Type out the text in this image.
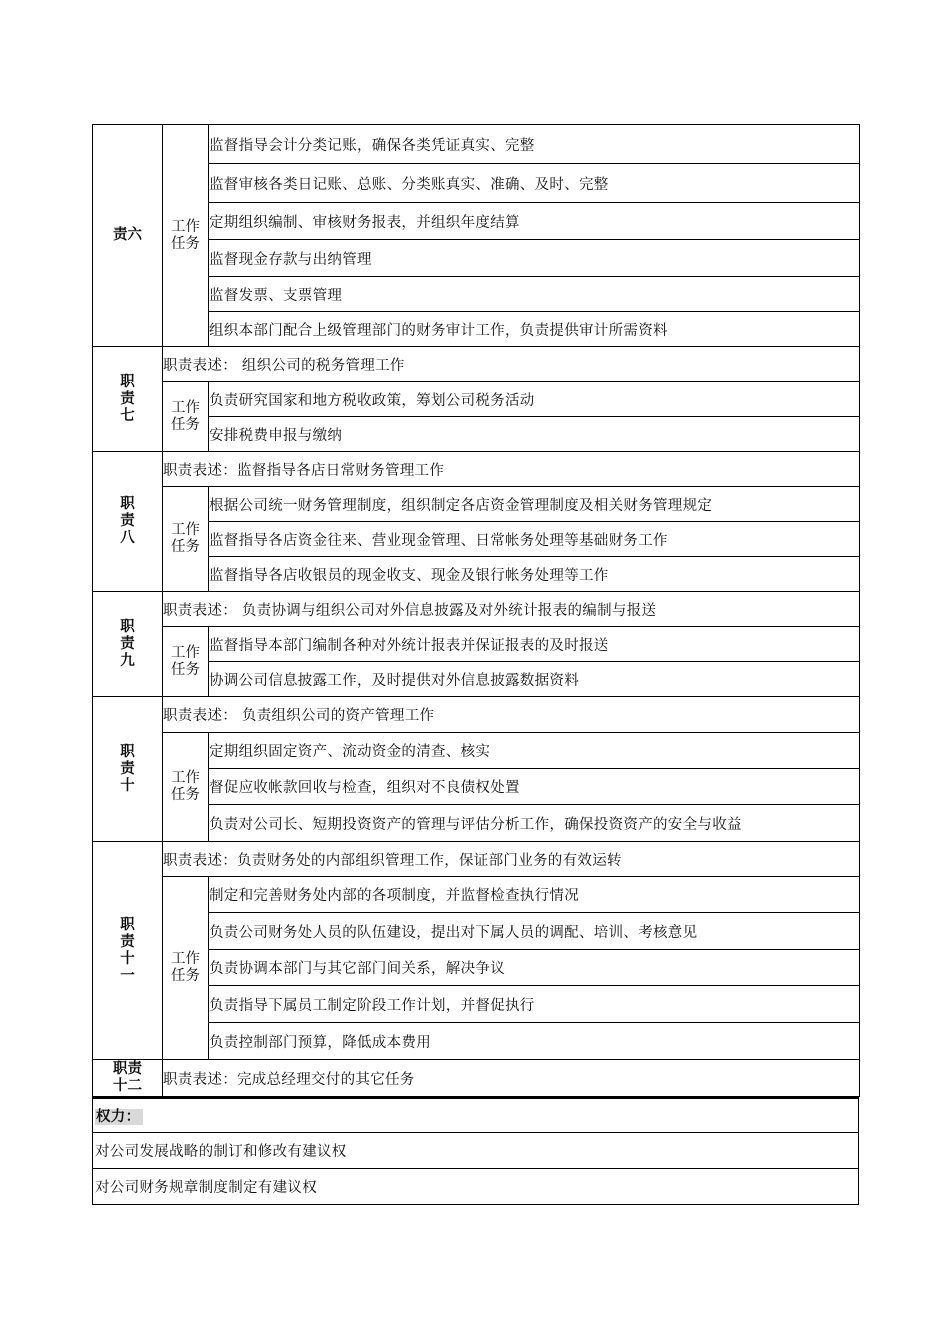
责六	工作任务	监督指导会计分类记账，确保各类凭证真实、完整
		监督审核各类日记账、总账、分类账真实、准确、及时、完整
		定期组织编制、审核财务报表，并组织年度结算
		监督现金存款与出纳管理
		监督发票、支票管理
		组织本部门配合上级管理部门的财务审计工作，负责提供审计所需资料

职责七	职责表述： 组织公司的税务管理工作	

	工作任务	负责研究国家和地方税收政策，筹划公司税务活动
		安排税费申报与缴纳

职责八	职责表述：监督指导各店日常财务管理工作	

	工作任务	根据公司统一财务管理制度，组织制定各店资金管理制度及相关财务管理规定
		监督指导各店资金往来、营业现金管理、日常帐务处理等基础财务工作
		监督指导各店收银员的现金收支、现金及银行帐务处理等工作

职责九	职责表述： 负责协调与组织公司对外信息披露及对外统计报表的编制与报送	

	工作任务	监督指导本部门编制各种对外统计报表并保证报表的及时报送
		协调公司信息披露工作，及时提供对外信息披露数据资料

职责十	职责表述： 负责组织公司的资产管理工作	

	工作任务	定期组织固定资产、流动资金的清查、核实
		督促应收帐款回收与检查，组织对不良债权处置
		负责对公司长、短期投资资产的管理与评估分析工作，确保投资资产的安全与收益

职责十一	职责表述：负责财务处的内部组织管理工作，保证部门业务的有效运转	

	工作任务	制定和完善财务处内部的各项制度，并监督检查执行情况
		负责公司财务处人员的队伍建设，提出对下属人员的调配、培训、考核意见
		负责协调本部门与其它部门间关系，解决争议
		负责指导下属员工制定阶段工作计划，并督促执行
		负责控制部门预算，降低成本费用

职责十二	职责表述：完成总经理交付的其它任务	
权力：
对公司发展战略的制订和修改有建议权
对公司财务规章制度制定有建议权
